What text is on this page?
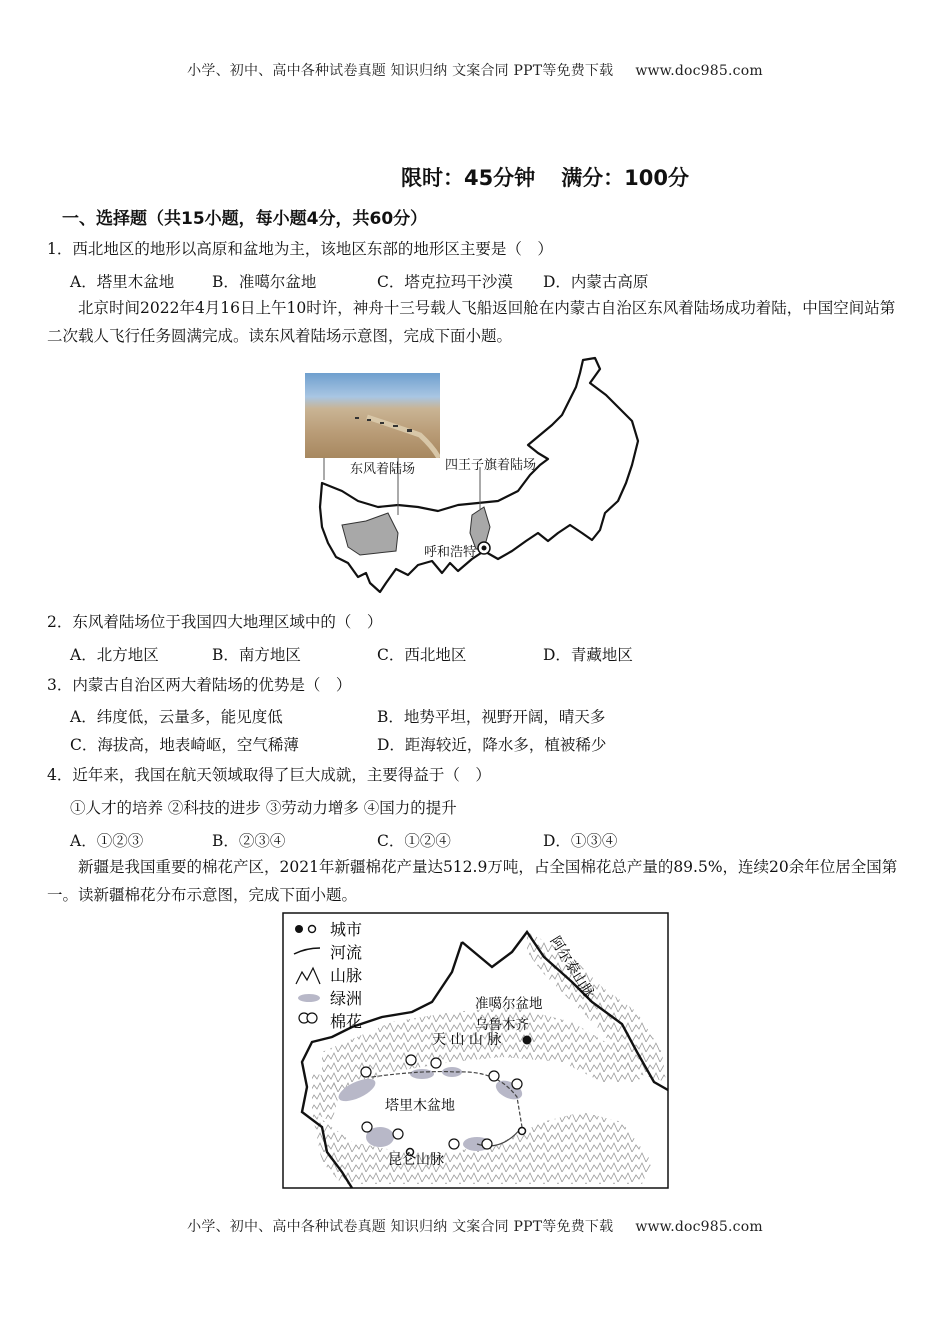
小学、初中、高中各种试卷真题 知识归纳 文案合同 PPT等免费下载 www.doc985.com
限时：45分钟 满分：100分
一、选择题（共15小题，每小题4分，共60分）
1．西北地区的地形以高原和盆地为主，该地区东部的地形区主要是（　）
A．塔里木盆地 B．准噶尔盆地	C．塔克拉玛干沙漠 D．内蒙古高原
北京时间2022年4月16日上午10时许，神舟十三号载人飞船返回舱在内蒙古自治区东风着陆场成功着陆，中国空间站第二次载人飞行任务圆满完成。读东风着陆场示意图，完成下面小题。
东风着陆场 四王子旗着陆场
呼和浩特
2．东风着陆场位于我国四大地理区域中的（　）
A．北方地区	B．南方地区	C．西北地区	D．青藏地区
3．内蒙古自治区两大着陆场的优势是（　）
A．纬度低，云量多，能见度低	B．地势平坦，视野开阔，晴天多
C．海拔高，地表崎岖，空气稀薄	D．距海较近，降水多，植被稀少
4．近年来，我国在航天领域取得了巨大成就，主要得益于（　）
①人才的培养 ②科技的进步 ③劳动力增多 ④国力的提升
A．①②③	B．②③④	C．①②④	D．①③④
新疆是我国重要的棉花产区，2021年新疆棉花产量达512.9万吨，占全国棉花总产量的89.5%，连续20余年位居全国第一。读新疆棉花分布示意图，完成下面小题。
城市
河流
山脉
绿洲
棉花
阿尔泰山脉
准噶尔盆地
乌鲁木齐
天 山 山 脉
塔里木盆地
昆仑山脉
小学、初中、高中各种试卷真题 知识归纳 文案合同 PPT等免费下载 www.doc985.com
